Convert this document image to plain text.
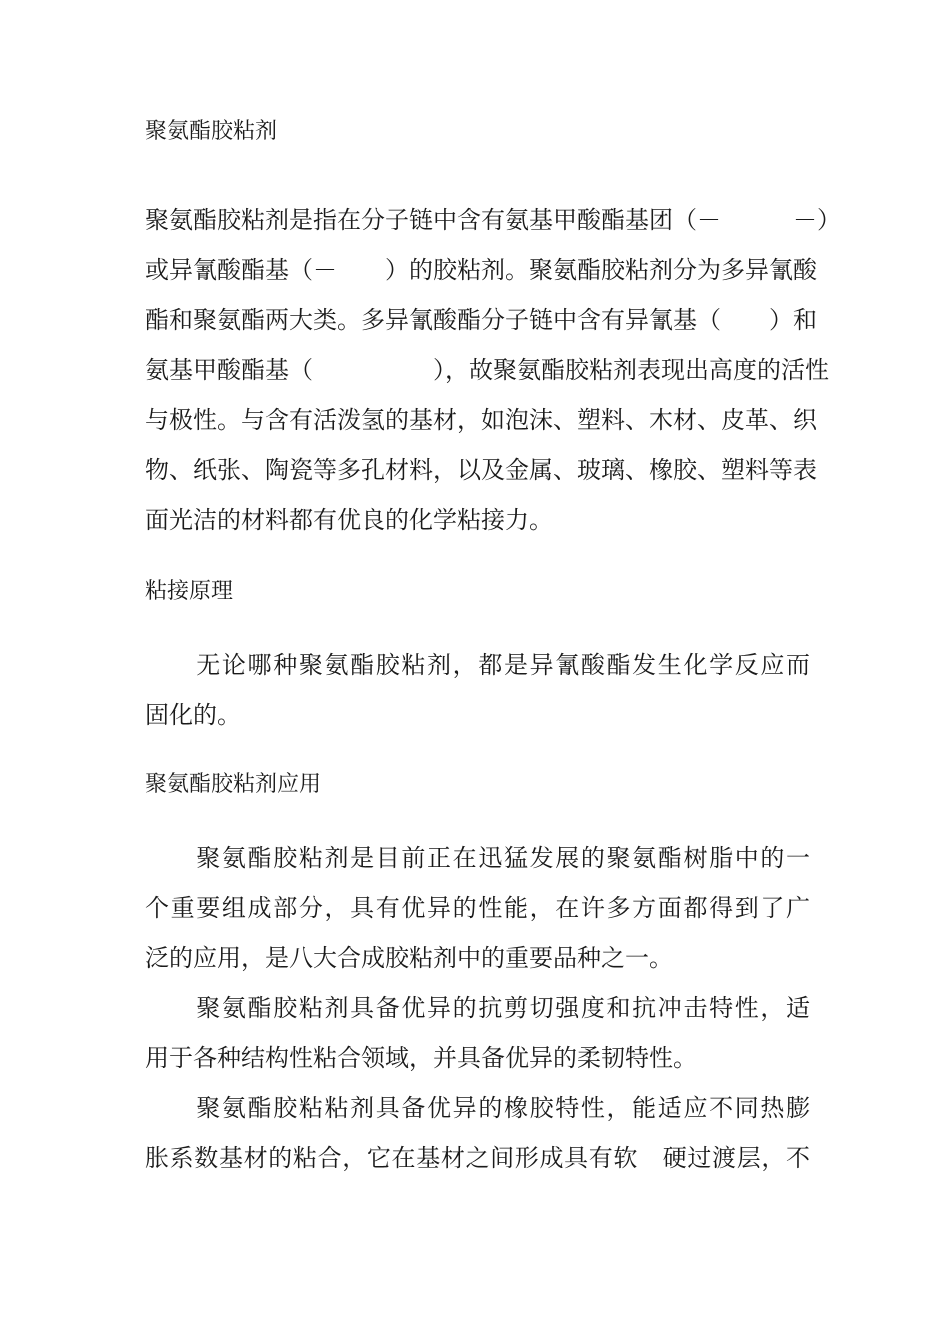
聚氨酯胶粘剂
聚氨酯胶粘剂是指在分子链中含有氨基甲酸酯基团（－　　　－）
或异氰酸酯基（－　　）的胶粘剂。聚氨酯胶粘剂分为多异氰酸
酯和聚氨酯两大类。多异氰酸酯分子链中含有异氰基（　　）和
氨基甲酸酯基（　　　　　），故聚氨酯胶粘剂表现出高度的活性
与极性。与含有活泼氢的基材，如泡沫、塑料、木材、皮革、织
物、纸张、陶瓷等多孔材料，以及金属、玻璃、橡胶、塑料等表
面光洁的材料都有优良的化学粘接力。
粘接原理
　　无论哪种聚氨酯胶粘剂，都是异氰酸酯发生化学反应而
固化的。
聚氨酯胶粘剂应用
　　聚氨酯胶粘剂是目前正在迅猛发展的聚氨酯树脂中的一
个重要组成部分，具有优异的性能，在许多方面都得到了广
泛的应用，是八大合成胶粘剂中的重要品种之一。
　　聚氨酯胶粘剂具备优异的抗剪切强度和抗冲击特性，适
用于各种结构性粘合领域，并具备优异的柔韧特性。
　　聚氨酯胶粘粘剂具备优异的橡胶特性，能适应不同热膨
胀系数基材的粘合，它在基材之间形成具有软　硬过渡层，不
